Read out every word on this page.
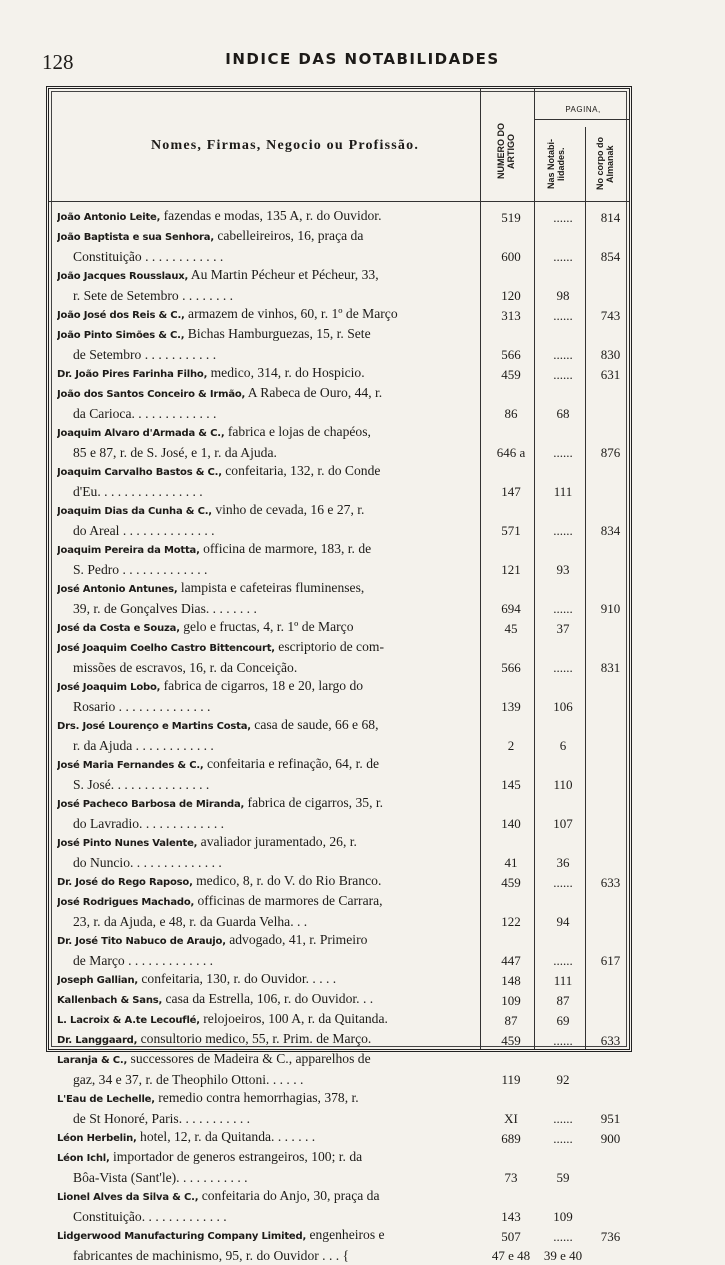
128	INDICE DAS NOTABILIDADES
Nomes, Firmas, Negocio ou Profissão.	NUMERO DO ARTIGO
PAGINA,
Nas Notabi- lidades.	No corpo do Almanak
João Antonio Leite, fazendas e modas, 135 A, r. do Ouvidor.	519	......	814
João Baptista e sua Senhora, cabelleireiros, 16, praça da
Constituição . . . . . . . . . . . .	600	......	854
João Jacques Rousslaux, Au Martin Pécheur et Pécheur, 33,
r. Sete de Setembro . . . . . . . .	120	98
João José dos Reis & C., armazem de vinhos, 60, r. 1º de Março	313	......	743
João Pinto Simões & C., Bichas Hamburguezas, 15, r. Sete
de Setembro . . . . . . . . . . .	566	......	830
Dr. João Pires Farinha Filho, medico, 314, r. do Hospicio.	459	......	631
João dos Santos Conceiro & Irmão, A Rabeca de Ouro, 44, r.
da Carioca. . . . . . . . . . . . .	86	68
Joaquim Alvaro d'Armada & C., fabrica e lojas de chapéos,
85 e 87, r. de S. José, e 1, r. da Ajuda.	646 a	......	876
Joaquim Carvalho Bastos & C., confeitaria, 132, r. do Conde
d'Eu. . . . . . . . . . . . . . . .	147	111
Joaquim Dias da Cunha & C., vinho de cevada, 16 e 27, r.
do Areal . . . . . . . . . . . . . .	571	......	834
Joaquim Pereira da Motta, officina de marmore, 183, r. de
S. Pedro . . . . . . . . . . . . .	121	93
José Antonio Antunes, lampista e cafeteiras fluminenses,
39, r. de Gonçalves Dias. . . . . . . .	694	......	910
José da Costa e Souza, gelo e fructas, 4, r. 1º de Março	45	37
José Joaquim Coelho Castro Bittencourt, escriptorio de com-
missões de escravos, 16, r. da Conceição.	566	......	831
José Joaquim Lobo, fabrica de cigarros, 18 e 20, largo do
Rosario . . . . . . . . . . . . . .	139	106
Drs. José Lourenço e Martins Costa, casa de saude, 66 e 68,
r. da Ajuda . . . . . . . . . . . .	2	6
José Maria Fernandes & C., confeitaria e refinação, 64, r. de
S. José. . . . . . . . . . . . . . .	145	110
José Pacheco Barbosa de Miranda, fabrica de cigarros, 35, r.
do Lavradio. . . . . . . . . . . . .	140	107
José Pinto Nunes Valente, avaliador juramentado, 26, r.
do Nuncio. . . . . . . . . . . . . .	41	36
Dr. José do Rego Raposo, medico, 8, r. do V. do Rio Branco.	459	......	633
José Rodrigues Machado, officinas de marmores de Carrara,
23, r. da Ajuda, e 48, r. da Guarda Velha. . .	122	94
Dr. José Tito Nabuco de Araujo, advogado, 41, r. Primeiro
de Março . . . . . . . . . . . . .	447	......	617
Joseph Gallian, confeitaria, 130, r. do Ouvidor. . . . .	148	111
Kallenbach & Sans, casa da Estrella, 106, r. do Ouvidor. . .	109	87
L. Lacroix & A.te Lecouflé, relojoeiros, 100 A, r. da Quitanda.	87	69
Dr. Langgaard, consultorio medico, 55, r. Prim. de Março.	459	......	633
Laranja & C., successores de Madeira & C., apparelhos de
gaz, 34 e 37, r. de Theophilo Ottoni. . . . . .	119	92
L'Eau de Lechelle, remedio contra hemorrhagias, 378, r.
de St Honoré, Paris. . . . . . . . . . .	XI	......	951
Léon Herbelin, hotel, 12, r. da Quitanda. . . . . . .	689	......	900
Léon Ichl, importador de generos estrangeiros, 100; r. da
Bôa-Vista (Sant'le). . . . . . . . . . .	73	59
Lionel Alves da Silva & C., confeitaria do Anjo, 30, praça da
Constituição. . . . . . . . . . . . .	143	109
Lidgerwood Manufacturing Company Limited, engenheiros e	507	......	736
fabricantes de machinismo, 95, r. do Ouvidor . . . {	47 e 48	39 e 40
